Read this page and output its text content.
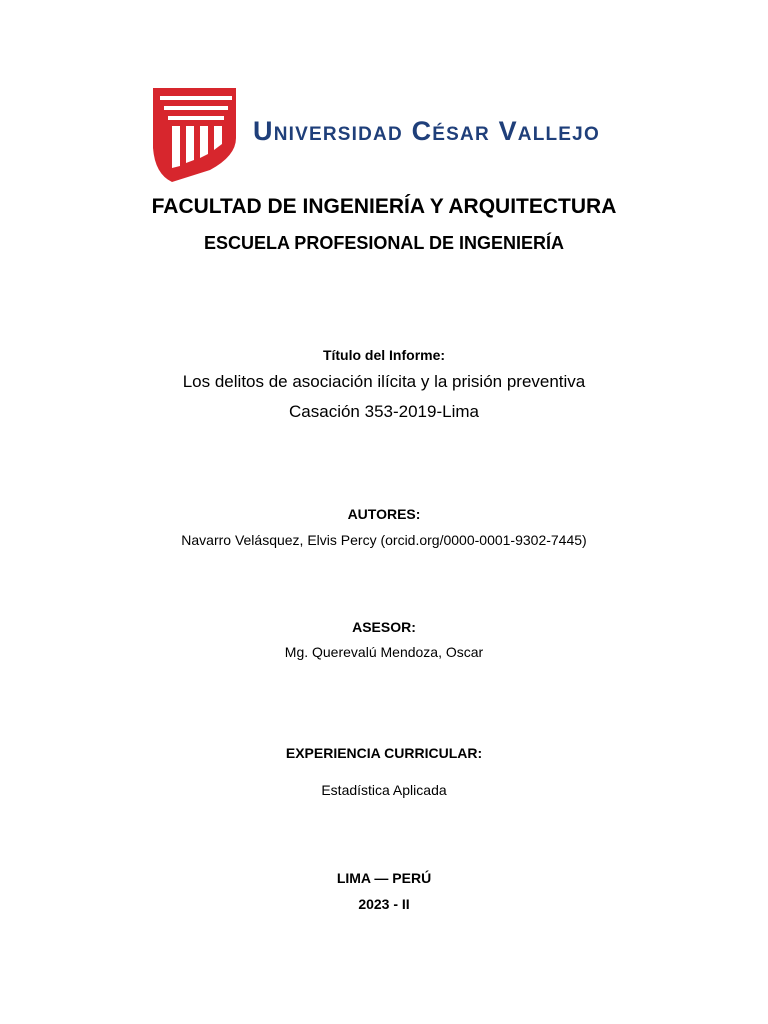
Universidad César Vallejo
FACULTAD DE INGENIERÍA Y ARQUITECTURA
ESCUELA PROFESIONAL DE INGENIERÍA
Título del Informe:
Los delitos de asociación ilícita y la prisión preventiva
Casación 353-2019-Lima
AUTORES:
Navarro Velásquez, Elvis Percy (orcid.org/0000-0001-9302-7445)
ASESOR:
Mg. Querevalú Mendoza, Oscar
EXPERIENCIA CURRICULAR:
Estadística Aplicada
LIMA — PERÚ
2023 - II
